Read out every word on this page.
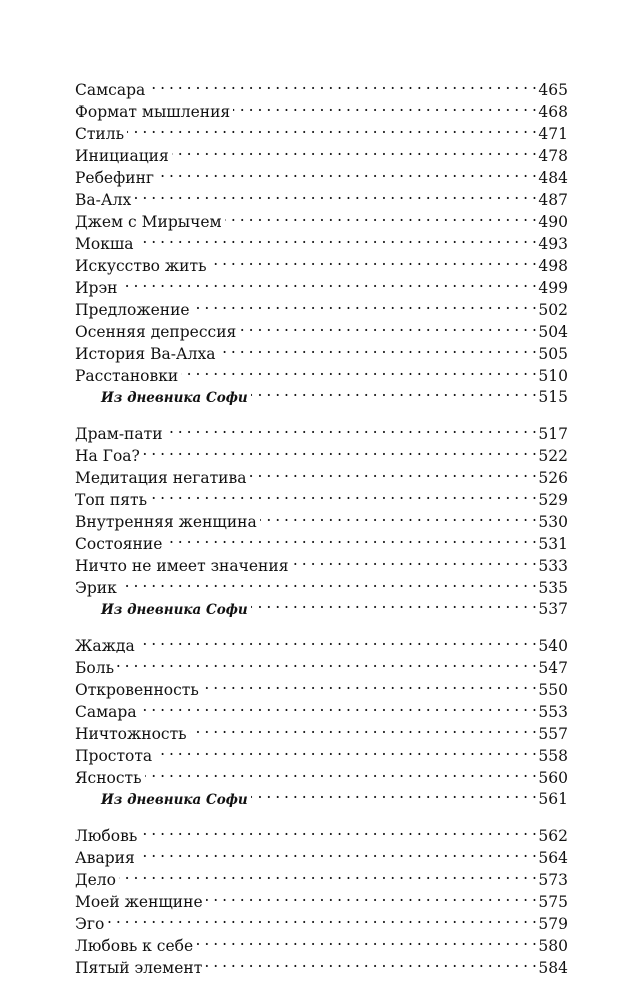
Самсара . . .	465
Формат мышления . . .	468
Стиль . . .	471
Инициация . . .	478
Ребефинг . . .	484
Ва-Алх . . .	487
Джем с Мирычем . . .	490
Мокша . . .	493
Искусство жить . . .	498
Ирэн . . .	499
Предложение . . .	502
Осенняя депрессия . . .	504
История Ва-Алха . . .	505
Расстановки . . .	510
Из дневника Софи . . .	515
Драм-пати . . .	517
На Гоа? . . .	522
Медитация негатива . . .	526
Топ пять . . .	529
Внутренняя женщина . . .	530
Состояние . . .	531
Ничто не имеет значения . . .	533
Эрик . . .	535
Из дневника Софи . . .	537
Жажда . . .	540
Боль . . .	547
Откровенность . . .	550
Самара . . .	553
Ничтожность . . .	557
Простота . . .	558
Ясность . . .	560
Из дневника Софи . . .	561
Любовь . . .	562
Авария . . .	564
Дело . . .	573
Моей женщине . . .	575
Эго . . .	579
Любовь к себе . . .	580
Пятый элемент . . .	584
